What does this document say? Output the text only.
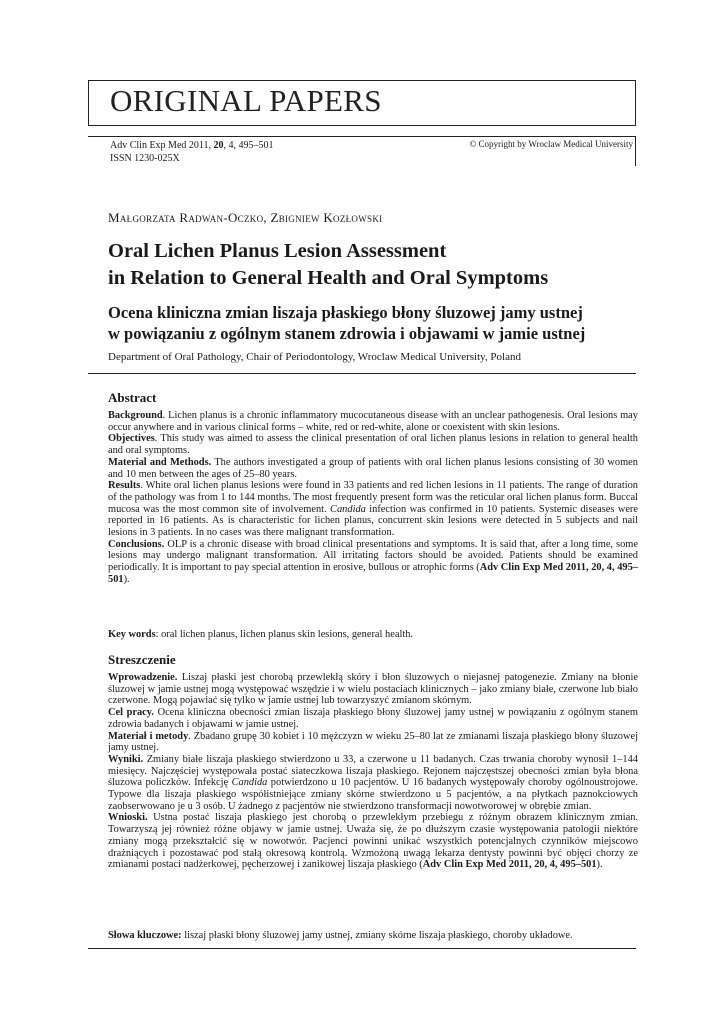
ORIGINAL PAPERS
Adv Clin Exp Med 2011, 20, 4, 495–501
ISSN 1230-025X
© Copyright by Wroclaw Medical University
Małgorzata Radwan-Oczko, Zbigniew Kozłowski
Oral Lichen Planus Lesion Assessment
in Relation to General Health and Oral Symptoms
Ocena kliniczna zmian liszaja płaskiego błony śluzowej jamy ustnej
w powiązaniu z ogólnym stanem zdrowia i objawami w jamie ustnej
Department of Oral Pathology, Chair of Periodontology, Wroclaw Medical University, Poland
Abstract

Background. Lichen planus is a chronic inflammatory mucocutaneous disease with an unclear pathogenesis. Oral lesions may occur anywhere and in various clinical forms – white, red or red-white, alone or coexistent with skin lesions.

Objectives. This study was aimed to assess the clinical presentation of oral lichen planus lesions in relation to general health and oral symptoms.

Material and Methods. The authors investigated a group of patients with oral lichen planus lesions consisting of 30 women and 10 men between the ages of 25–80 years.

Results. White oral lichen planus lesions were found in 33 patients and red lichen lesions in 11 patients. The range of duration of the pathology was from 1 to 144 months. The most frequently present form was the reticular oral lichen planus form. Buccal mucosa was the most common site of involvement. Candida infection was confirmed in 10 patients. Systemic diseases were reported in 16 patients. As is characteristic for lichen planus, concurrent skin lesions were detected in 5 subjects and nail lesions in 3 patients. In no cases was there malignant transformation.

Conclusions. OLP is a chronic disease with broad clinical presentations and symptoms. It is said that, after a long time, some lesions may undergo malignant transformation. All irritating factors should be avoided. Patients should be examined periodically. It is important to pay special attention in erosive, bullous or atrophic forms (Adv Clin Exp Med 2011, 20, 4, 495–501).

Key words: oral lichen planus, lichen planus skin lesions, general health.
Streszczenie

Wprowadzenie. Liszaj płaski jest chorobą przewlekłą skóry i błon śluzowych o niejasnej patogenezie. Zmiany na błonie śluzowej w jamie ustnej mogą występować wszędzie i w wielu postaciach klinicznych – jako zmiany białe, czerwone lub biało czerwone. Mogą pojawiać się tylko w jamie ustnej lub towarzyszyć zmianom skórnym.

Cel pracy. Ocena kliniczna obecności zmian liszaja płaskiego błony śluzowej jamy ustnej w powiązaniu z ogólnym stanem zdrowia badanych i objawami w jamie ustnej.

Materiał i metody. Zbadano grupę 30 kobiet i 10 mężczyzn w wieku 25–80 lat ze zmianami liszaja płaskiego błony śluzowej jamy ustnej.

Wyniki. Zmiany białe liszaja płaskiego stwierdzono u 33, a czerwone u 11 badanych. Czas trwania choroby wynosił 1–144 miesięcy. Najczęściej występowała postać siateczkowa liszaja płaskiego. Rejonem najczęstszej obecności zmian była błona śluzowa policzków. Infekcję Candida potwierdzono u 10 pacjentów. U 16 badanych występowały choroby ogólnoustrojowe. Typowe dla liszaja płaskiego współistniejące zmiany skórne stwierdzono u 5 pacjentów, a na płytkach paznokciowych zaobserwowano je u 3 osób. U żadnego z pacjentów nie stwierdzono transformacji nowotworowej w obrębie zmian.

Wnioski. Ustna postać liszaja płaskiego jest chorobą o przewlekłym przebiegu z różnym obrazem klinicznym zmian. Towarzyszą jej również różne objawy w jamie ustnej. Uważa się, że po dłuższym czasie występowania patologii niektóre zmiany mogą przekształcić się w nowotwór. Pacjenci powinni unikać wszystkich potencjalnych czynników miejscowo drażniących i pozostawać pod stałą okresową kontrolą. Wzmożoną uwagą lekarza dentysty powinni być objęci chorzy ze zmianami postaci nadżerkowej, pęcherzowej i zanikowej liszaja płaskiego (Adv Clin Exp Med 2011, 20, 4, 495–501).

Słowa kluczowe: liszaj płaski błony śluzowej jamy ustnej, zmiany skórne liszaja płaskiego, choroby układowe.
